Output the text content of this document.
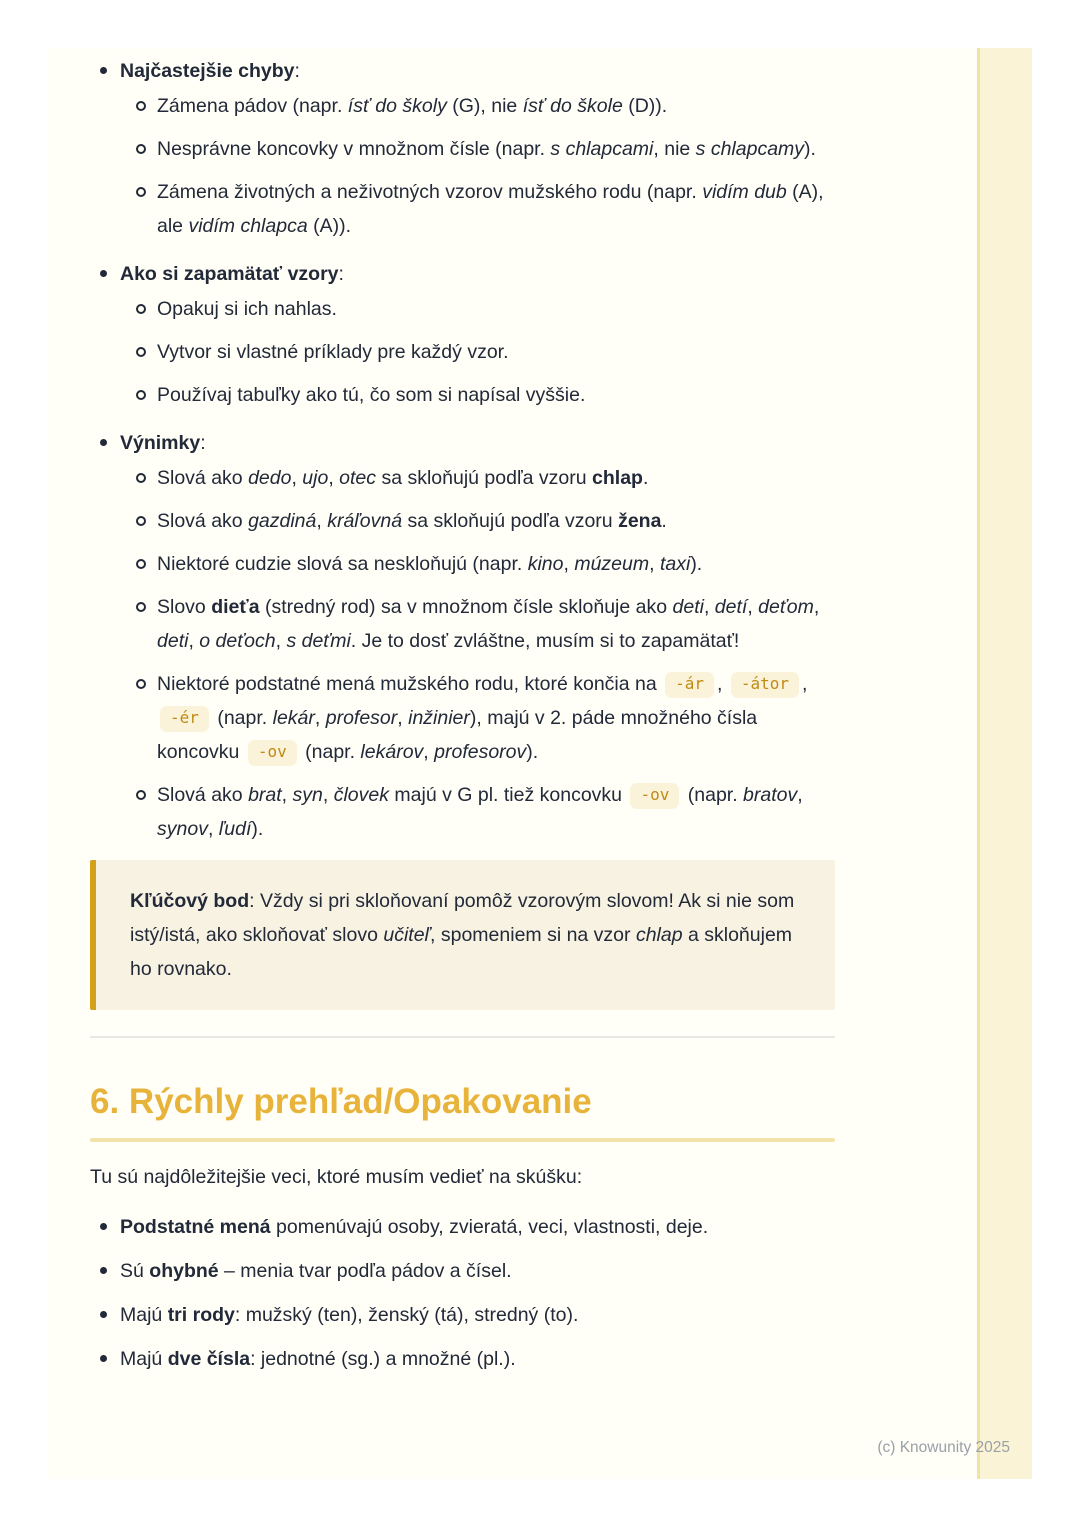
Najčastejšie chyby:
Zámena pádov (napr. ísť do školy (G), nie ísť do škole (D)).
Nesprávne koncovky v množnom čísle (napr. s chlapcami, nie s chlapcamy).
Zámena životných a neživotných vzorov mužského rodu (napr. vidím dub (A), ale vidím chlapca (A)).
Ako si zapamätať vzory:
Opakuj si ich nahlas.
Vytvor si vlastné príklady pre každý vzor.
Používaj tabuľky ako tú, čo som si napísal vyššie.
Výnimky:
Slová ako dedo, ujo, otec sa skloňujú podľa vzoru chlap.
Slová ako gazdiná, kráľovná sa skloňujú podľa vzoru žena.
Niektoré cudzie slová sa neskloňujú (napr. kino, múzeum, taxi).
Slovo dieťa (stredný rod) sa v množnom čísle skloňuje ako deti, detí, deťom, deti, o deťoch, s deťmi. Je to dosť zvláštne, musím si to zapamätať!
Niektoré podstatné mená mužského rodu, ktoré končia na -ár , -átor , -ér (napr. lekár, profesor, inžinier), majú v 2. páde množného čísla koncovku -ov (napr. lekárov, profesorov).
Slová ako brat, syn, človek majú v G pl. tiež koncovku -ov (napr. bratov, synov, ľudí).

Kľúčový bod: Vždy si pri skloňovaní pomôž vzorovým slovom! Ak si nie som istý/istá, ako skloňovať slovo učiteľ, spomeniem si na vzor chlap a skloňujem ho rovnako.

6. Rýchly prehľad/Opakovanie
Tu sú najdôležitejšie veci, ktoré musím vedieť na skúšku:
Podstatné mená pomenúvajú osoby, zvieratá, veci, vlastnosti, deje.
Sú ohybné – menia tvar podľa pádov a čísel.
Majú tri rody: mužský (ten), ženský (tá), stredný (to).
Majú dve čísla: jednotné (sg.) a množné (pl.).
(c) Knowunity 2025
